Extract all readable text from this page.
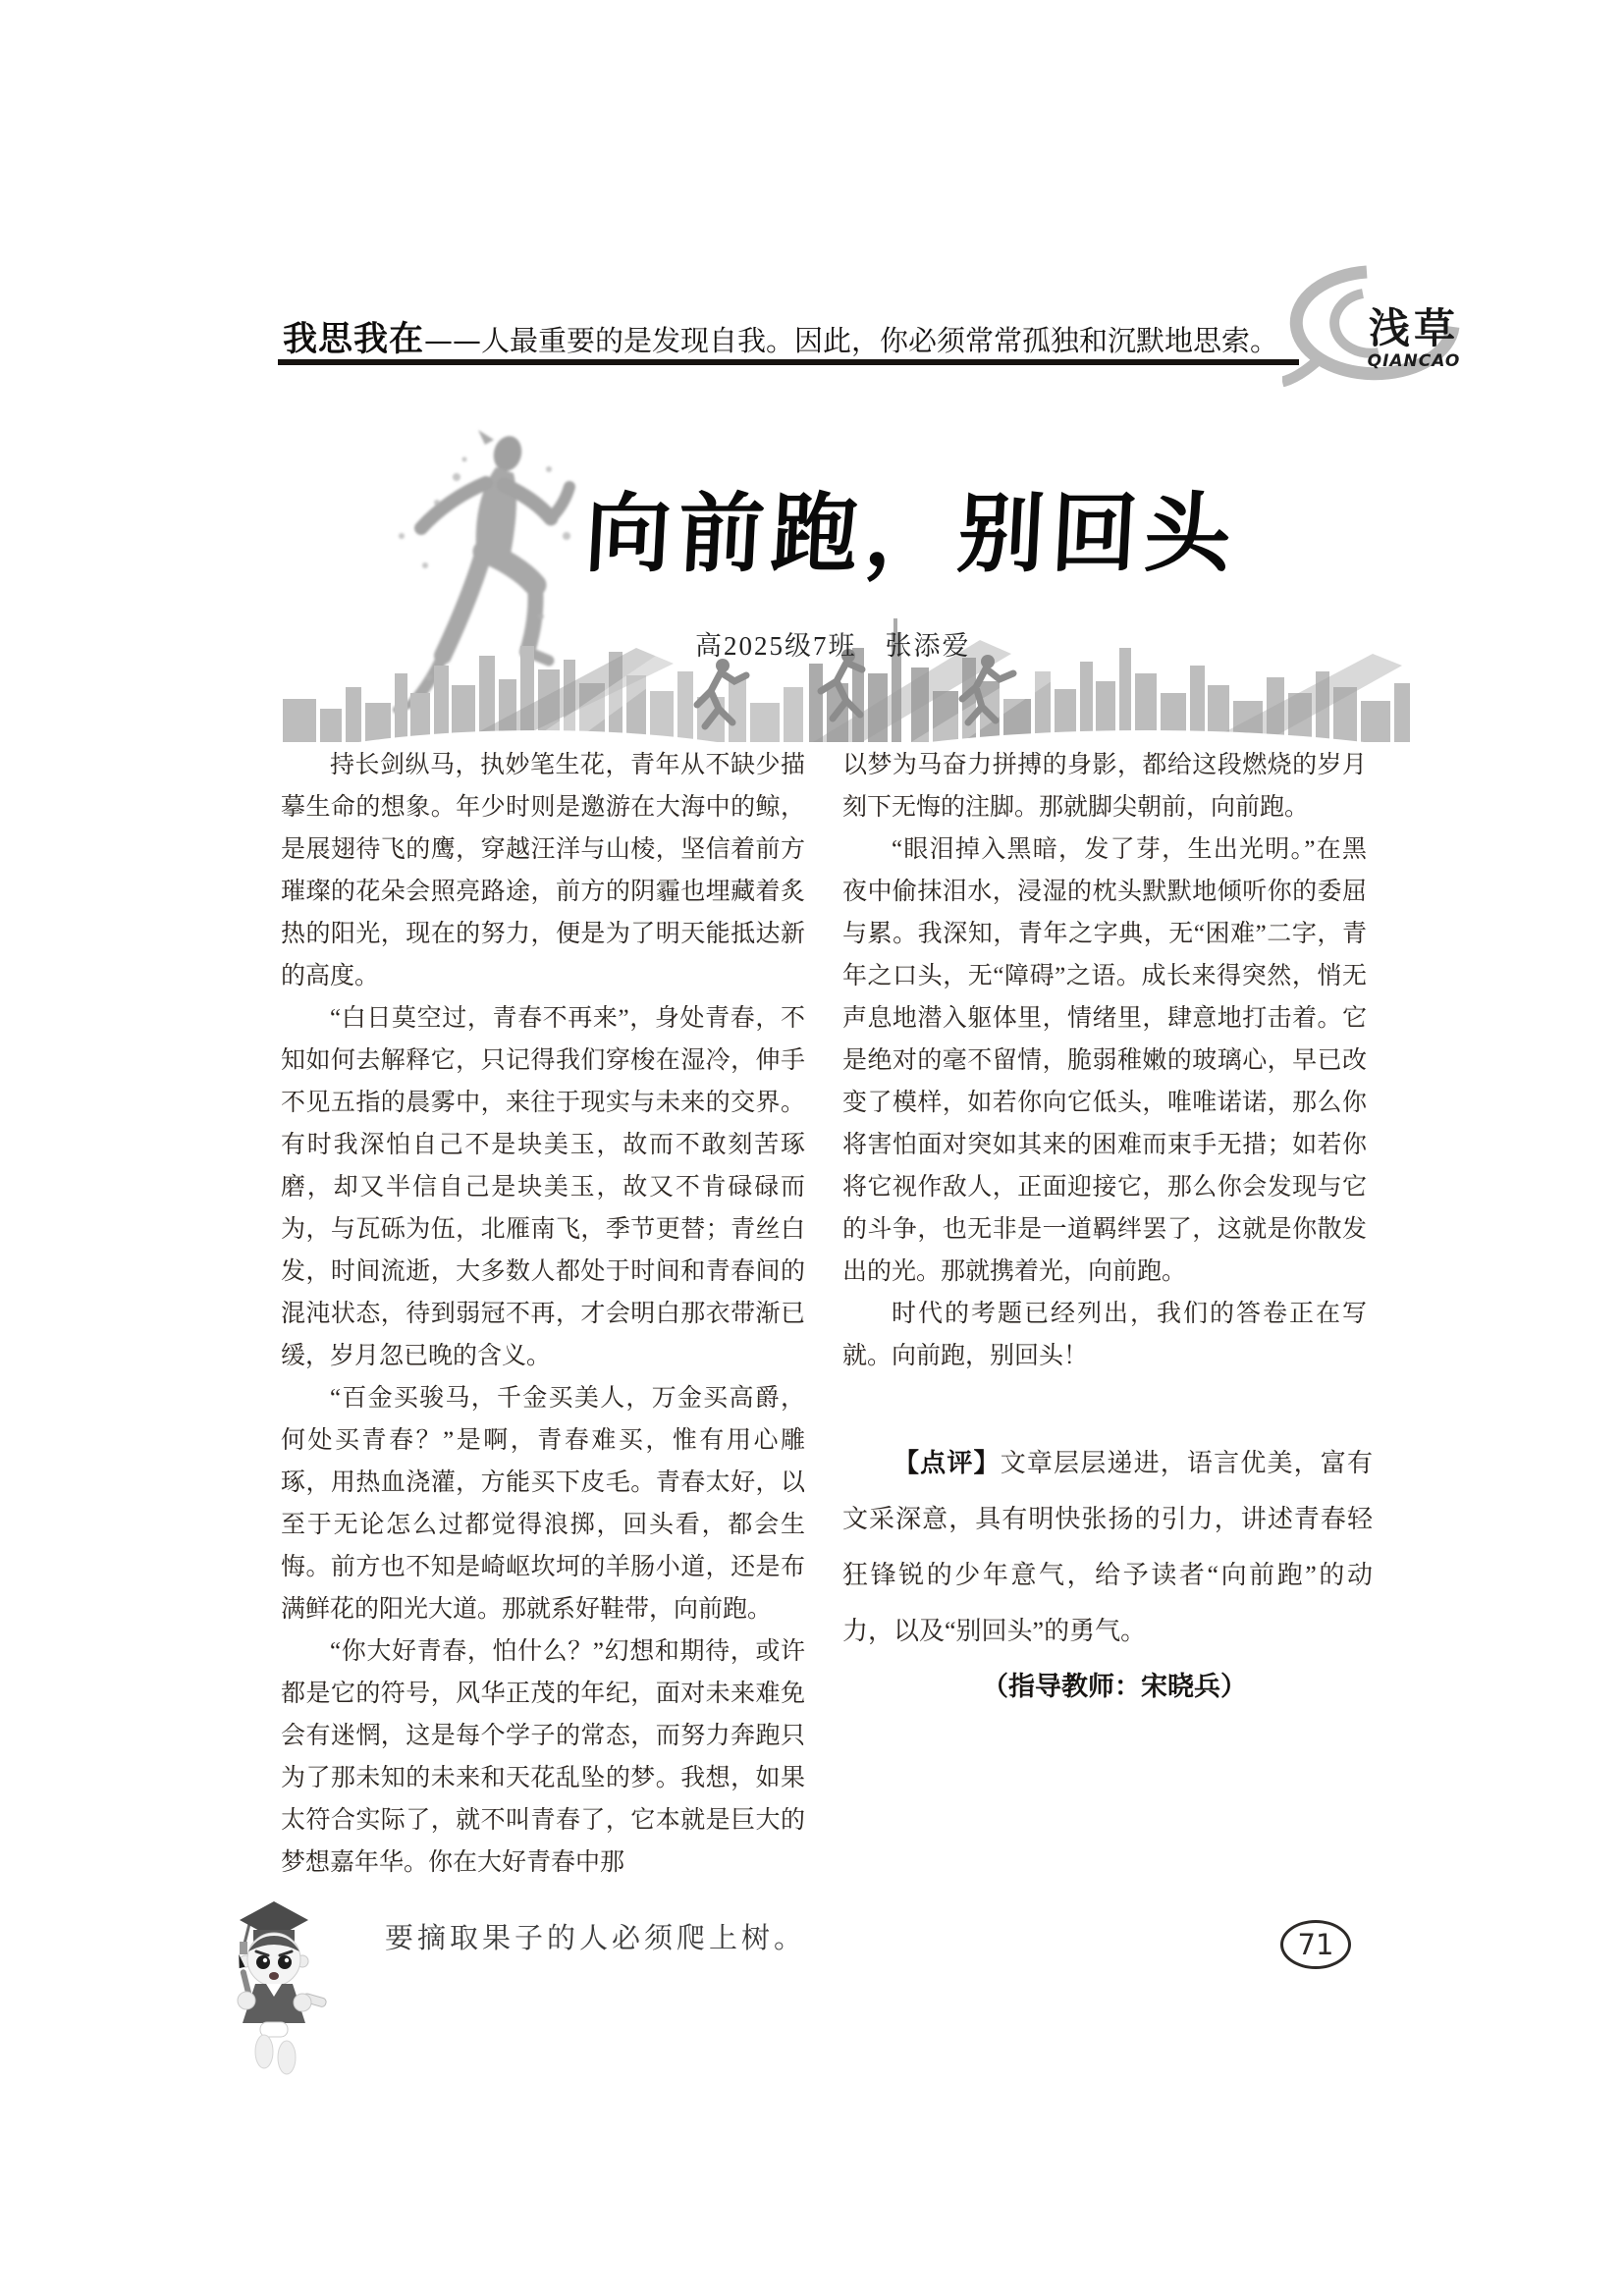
我思我在——人最重要的是发现自我。因此，你必须常常孤独和沉默地思索。 浅草
QIANCAO
向前跑，别回头
高2025级7班　张添爱

持长剑纵马，执妙笔生花，青年从不缺少描摹生命的想象。年少时则是邀游在大海中的鲸，是展翅待飞的鹰，穿越汪洋与山棱，坚信着前方璀璨的花朵会照亮路途，前方的阴霾也埋藏着炙热的阳光，现在的努力，便是为了明天能抵达新的高度。

“白日莫空过，青春不再来”，身处青春，不知如何去解释它，只记得我们穿梭在湿冷，伸手不见五指的晨雾中，来往于现实与未来的交界。有时我深怕自己不是块美玉，故而不敢刻苦琢磨，却又半信自己是块美玉，故又不肯碌碌而为，与瓦砾为伍，北雁南飞，季节更替；青丝白发，时间流逝，大多数人都处于时间和青春间的混沌状态，待到弱冠不再，才会明白那衣带渐已缓，岁月忽已晚的含义。

“百金买骏马，千金买美人，万金买高爵，何处买青春？”是啊，青春难买，惟有用心雕琢，用热血浇灌，方能买下皮毛。青春太好，以至于无论怎么过都觉得浪掷，回头看，都会生悔。前方也不知是崎岖坎坷的羊肠小道，还是布满鲜花的阳光大道。那就系好鞋带，向前跑。

“你大好青春，怕什么？”幻想和期待，或许都是它的符号，风华正茂的年纪，面对未来难免会有迷惘，这是每个学子的常态，而努力奔跑只为了那未知的未来和天花乱坠的梦。我想，如果太符合实际了，就不叫青春了，它本就是巨大的梦想嘉年华。你在大好青春中那

以梦为马奋力拼搏的身影，都给这段燃烧的岁月刻下无悔的注脚。那就脚尖朝前，向前跑。

“眼泪掉入黑暗，发了芽，生出光明。”在黑夜中偷抹泪水，浸湿的枕头默默地倾听你的委屈与累。我深知，青年之字典，无“困难”二字，青年之口头，无“障碍”之语。成长来得突然，悄无声息地潜入躯体里，情绪里，肆意地打击着。它是绝对的毫不留情，脆弱稚嫩的玻璃心，早已改变了模样，如若你向它低头，唯唯诺诺，那么你将害怕面对突如其来的困难而束手无措；如若你将它视作敌人，正面迎接它，那么你会发现与它的斗争，也无非是一道羁绊罢了，这就是你散发出的光。那就携着光，向前跑。

时代的考题已经列出，我们的答卷正在写就。向前跑，别回头！

【点评】文章层层递进，语言优美，富有文采深意，具有明快张扬的引力，讲述青春轻狂锋锐的少年意气，给予读者“向前跑”的动力，以及“别回头”的勇气。

（指导教师：宋晓兵）

要摘取果子的人必须爬上树。	71
